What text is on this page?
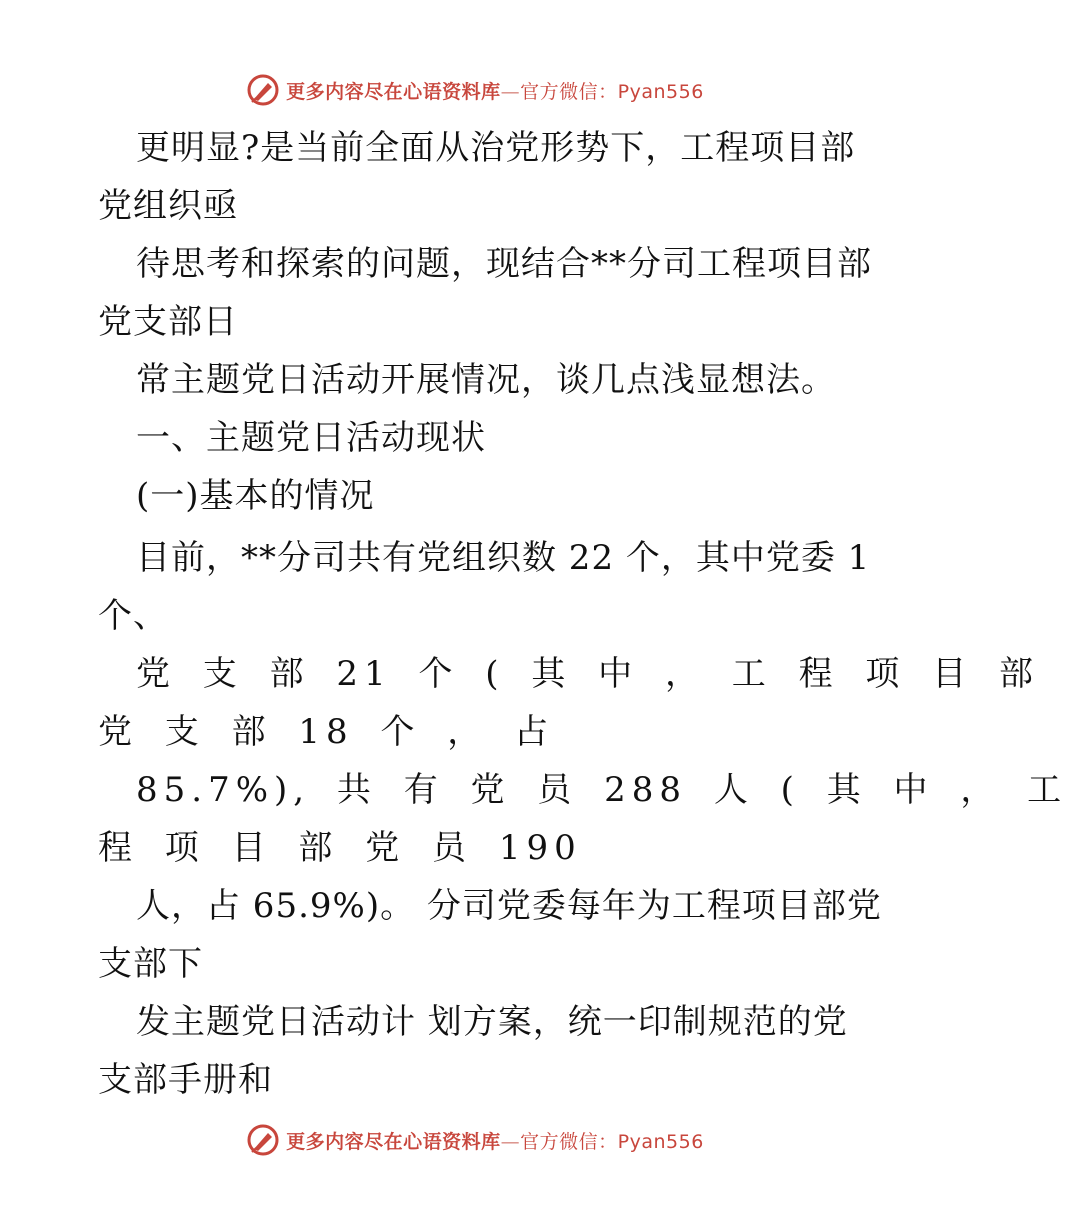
更多内容尽在心语资料库—官方微信：Pyan556
更明显?是当前全面从治党形势下，工程项目部
党组织亟
待思考和探索的问题，现结合**分司工程项目部
党支部日
常主题党日活动开展情况，谈几点浅显想法。
一、主题党日活动现状
(一)基本的情况
目前，**分司共有党组织数 22 个，其中党委 1
个、
党 支 部 21 个 ( 其 中 ， 工 程 项 目 部
党 支 部 18 个 ， 占
85.7%), 共 有 党 员 288 人 ( 其 中 ， 工
程 项 目 部 党 员 190
人，占 65.9%)。 分司党委每年为工程项目部党
支部下
发主题党日活动计 划方案，统一印制规范的党
支部手册和
更多内容尽在心语资料库—官方微信：Pyan556
